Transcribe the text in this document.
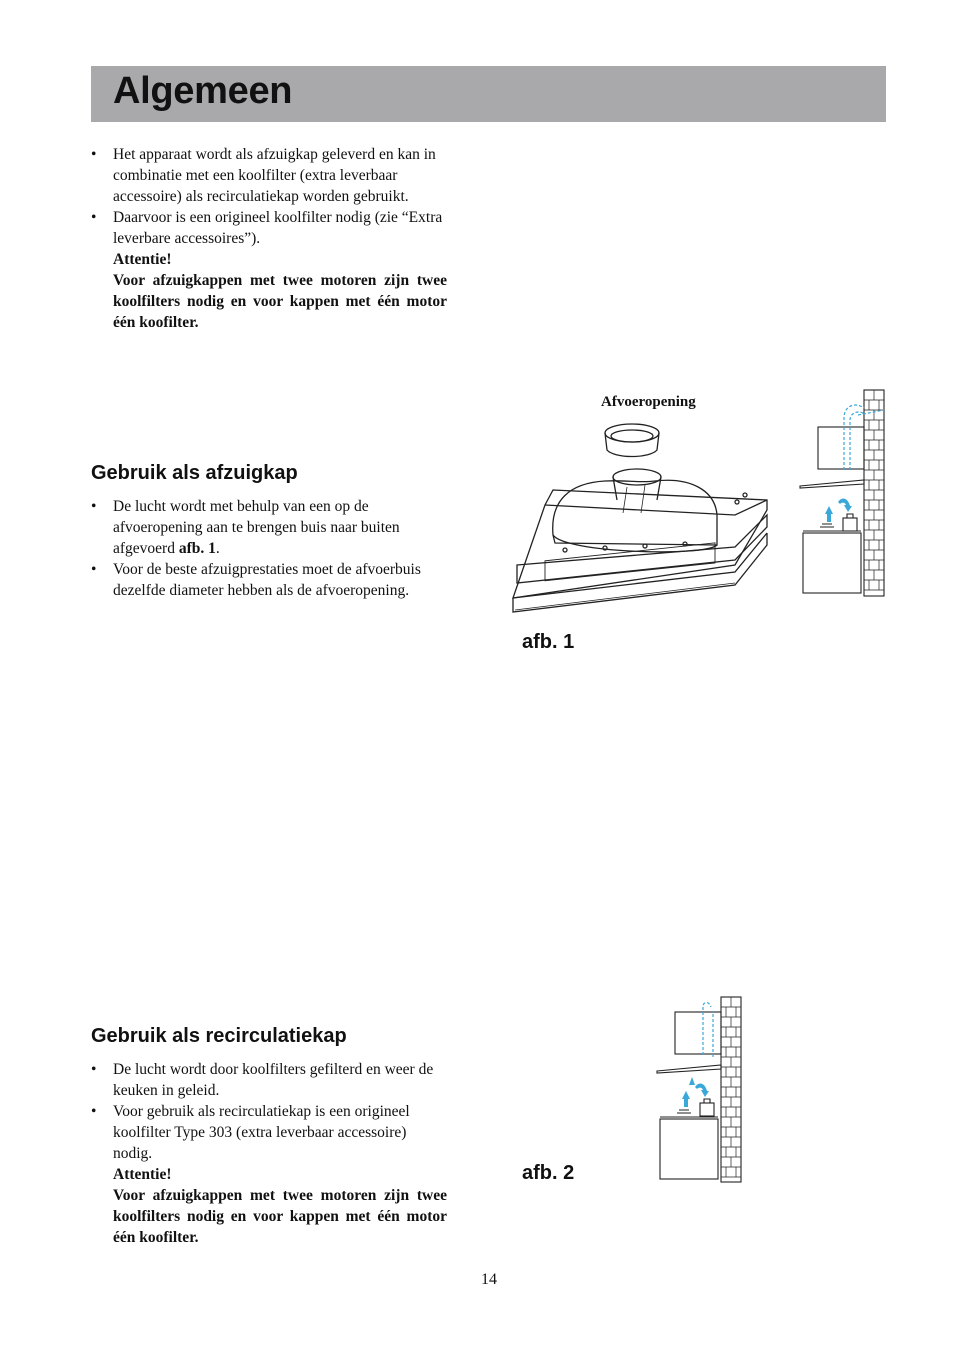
Algemeen
• Het apparaat wordt als afzuigkap geleverd en kan in combinatie met een koolfilter (extra leverbaar accessoire) als recirculatiekap worden gebruikt.
• Daarvoor is een origineel koolfilter nodig (zie “Extra leverbare accessoires”).
Attentie!
Voor afzuigkappen met twee motoren zijn twee koolfilters nodig en voor kappen met één motor één koofilter.
Gebruik als afzuigkap
• De lucht wordt met behulp van een op de afvoeropening aan te brengen buis naar buiten afgevoerd afb. 1.
• Voor de beste afzuigprestaties moet de afvoerbuis dezelfde diameter hebben als de afvoeropening.
Afvoeropening
afb. 1
Gebruik als recirculatiekap
• De lucht wordt door koolfilters gefilterd en weer de keuken in geleid.
• Voor gebruik als recirculatiekap is een origineel koolfilter Type 303 (extra leverbaar accessoire) nodig.
Attentie!
Voor afzuigkappen met twee motoren zijn twee koolfilters nodig en voor kappen met één motor één koofilter.
afb. 2
14
